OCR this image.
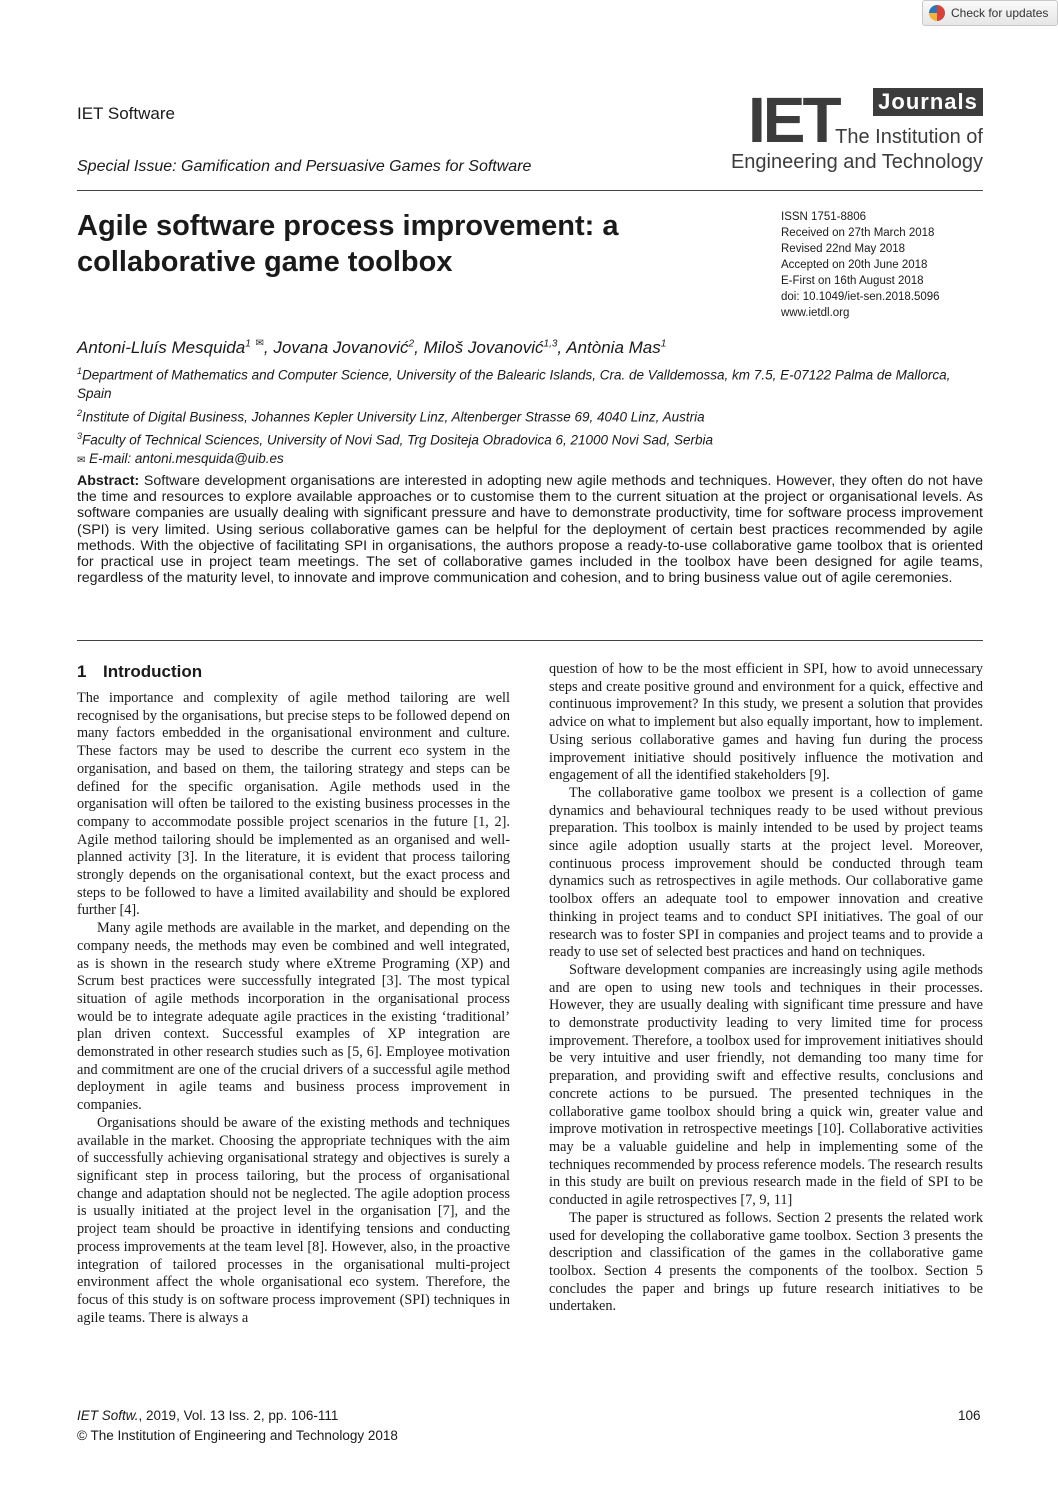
Check for updates
IET Software
Special Issue: Gamification and Persuasive Games for Software
IET Journals
The Institution of
Engineering and Technology
Agile software process improvement: a collaborative game toolbox
ISSN 1751-8806
Received on 27th March 2018
Revised 22nd May 2018
Accepted on 20th June 2018
E-First on 16th August 2018
doi: 10.1049/iet-sen.2018.5096
www.ietdl.org
Antoni-Lluís Mesquida$^1$ ✉, Jovana Jovanović$^2$, Miloš Jovanović$^{1,3}$, Antònia Mas$^1$
$^1$Department of Mathematics and Computer Science, University of the Balearic Islands, Cra. de Valldemossa, km 7.5, E-07122 Palma de Mallorca, Spain
$^2$Institute of Digital Business, Johannes Kepler University Linz, Altenberger Strasse 69, 4040 Linz, Austria
$^3$Faculty of Technical Sciences, University of Novi Sad, Trg Dositeja Obradovica 6, 21000 Novi Sad, Serbia
✉ E-mail: antoni.mesquida@uib.es
Abstract: Software development organisations are interested in adopting new agile methods and techniques. However, they often do not have the time and resources to explore available approaches or to customise them to the current situation at the project or organisational levels. As software companies are usually dealing with significant pressure and have to demonstrate productivity, time for software process improvement (SPI) is very limited. Using serious collaborative games can be helpful for the deployment of certain best practices recommended by agile methods. With the objective of facilitating SPI in organisations, the authors propose a ready-to-use collaborative game toolbox that is oriented for practical use in project team meetings. The set of collaborative games included in the toolbox have been designed for agile teams, regardless of the maturity level, to innovate and improve communication and cohesion, and to bring business value out of agile ceremonies.
1 Introduction

The importance and complexity of agile method tailoring are well recognised by the organisations, but precise steps to be followed depend on many factors embedded in the organisational environment and culture. These factors may be used to describe the current eco system in the organisation, and based on them, the tailoring strategy and steps can be defined for the specific organisation. Agile methods used in the organisation will often be tailored to the existing business processes in the company to accommodate possible project scenarios in the future [1, 2]. Agile method tailoring should be implemented as an organised and well-planned activity [3]. In the literature, it is evident that process tailoring strongly depends on the organisational context, but the exact process and steps to be followed to have a limited availability and should be explored further [4].

Many agile methods are available in the market, and depending on the company needs, the methods may even be combined and well integrated, as is shown in the research study where eXtreme Programing (XP) and Scrum best practices were successfully integrated [3]. The most typical situation of agile methods incorporation in the organisational process would be to integrate adequate agile practices in the existing ‘traditional’ plan driven context. Successful examples of XP integration are demonstrated in other research studies such as [5, 6]. Employee motivation and commitment are one of the crucial drivers of a successful agile method deployment in agile teams and business process improvement in companies.

Organisations should be aware of the existing methods and techniques available in the market. Choosing the appropriate techniques with the aim of successfully achieving organisational strategy and objectives is surely a significant step in process tailoring, but the process of organisational change and adaptation should not be neglected. The agile adoption process is usually initiated at the project level in the organisation [7], and the project team should be proactive in identifying tensions and conducting process improvements at the team level [8]. However, also, in the proactive integration of tailored processes in the organisational multi-project environment affect the whole organisational eco system. Therefore, the focus of this study is on software process improvement (SPI) techniques in agile teams. There is always a

question of how to be the most efficient in SPI, how to avoid unnecessary steps and create positive ground and environment for a quick, effective and continuous improvement? In this study, we present a solution that provides advice on what to implement but also equally important, how to implement. Using serious collaborative games and having fun during the process improvement initiative should positively influence the motivation and engagement of all the identified stakeholders [9].

The collaborative game toolbox we present is a collection of game dynamics and behavioural techniques ready to be used without previous preparation. This toolbox is mainly intended to be used by project teams since agile adoption usually starts at the project level. Moreover, continuous process improvement should be conducted through team dynamics such as retrospectives in agile methods. Our collaborative game toolbox offers an adequate tool to empower innovation and creative thinking in project teams and to conduct SPI initiatives. The goal of our research was to foster SPI in companies and project teams and to provide a ready to use set of selected best practices and hand on techniques.

Software development companies are increasingly using agile methods and are open to using new tools and techniques in their processes. However, they are usually dealing with significant time pressure and have to demonstrate productivity leading to very limited time for process improvement. Therefore, a toolbox used for improvement initiatives should be very intuitive and user friendly, not demanding too many time for preparation, and providing swift and effective results, conclusions and concrete actions to be pursued. The presented techniques in the collaborative game toolbox should bring a quick win, greater value and improve motivation in retrospective meetings [10]. Collaborative activities may be a valuable guideline and help in implementing some of the techniques recommended by process reference models. The research results in this study are built on previous research made in the field of SPI to be conducted in agile retrospectives [7, 9, 11]

The paper is structured as follows. Section 2 presents the related work used for developing the collaborative game toolbox. Section 3 presents the description and classification of the games in the collaborative game toolbox. Section 4 presents the components of the toolbox. Section 5 concludes the paper and brings up future research initiatives to be undertaken.

IET Softw., 2019, Vol. 13 Iss. 2, pp. 106-111
© The Institution of Engineering and Technology 2018
106
